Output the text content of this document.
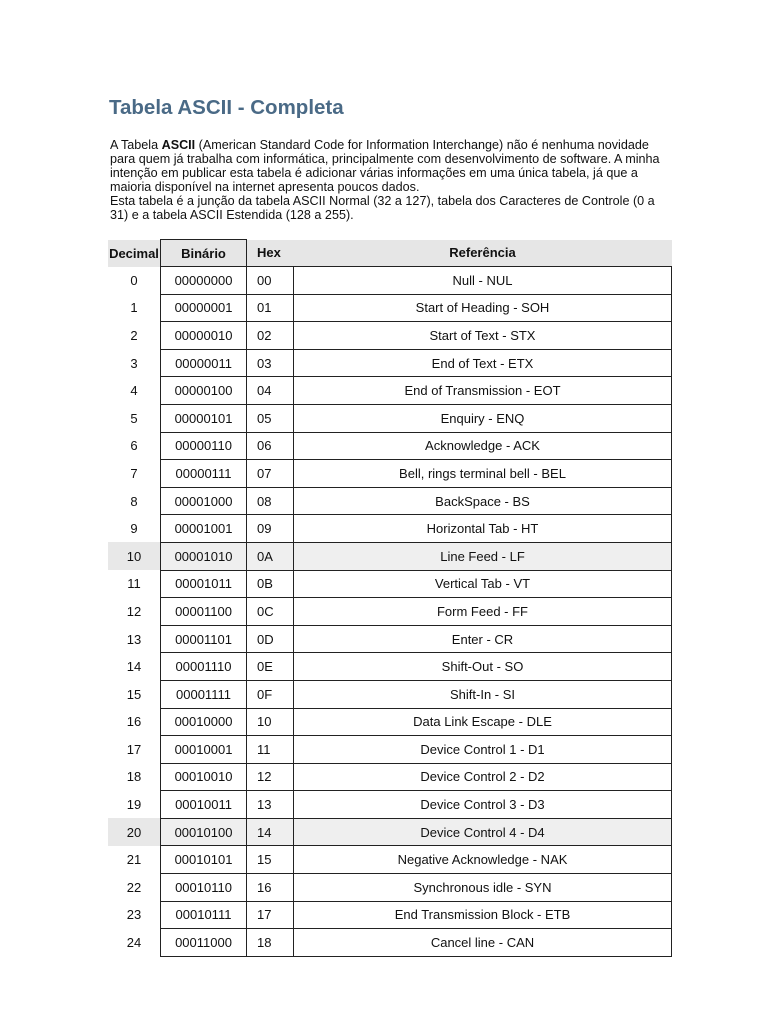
Tabela ASCII - Completa

A Tabela ASCII (American Standard Code for Information Interchange) não é nenhuma novidade para quem já trabalha com informática, principalmente com desenvolvimento de software. A minha intenção em publicar esta tabela é adicionar várias informações em uma única tabela, já que a maioria disponível na internet apresenta poucos dados.

Esta tabela é a junção da tabela ASCII Normal (32 a 127), tabela dos Caracteres de Controle (0 a 31) e a tabela ASCII Estendida (128 a 255).

Decimal	Binário	Hex	Referência
0	00000000	00	Null - NUL
1	00000001	01	Start of Heading - SOH
2	00000010	02	Start of Text - STX
3	00000011	03	End of Text - ETX
4	00000100	04	End of Transmission - EOT
5	00000101	05	Enquiry - ENQ
6	00000110	06	Acknowledge - ACK
7	00000111	07	Bell, rings terminal bell - BEL
8	00001000	08	BackSpace - BS
9	00001001	09	Horizontal Tab - HT
10	00001010	0A	Line Feed - LF
11	00001011	0B	Vertical Tab - VT
12	00001100	0C	Form Feed - FF
13	00001101	0D	Enter - CR
14	00001110	0E	Shift-Out - SO
15	00001111	0F	Shift-In - SI
16	00010000	10	Data Link Escape - DLE
17	00010001	11	Device Control 1 - D1
18	00010010	12	Device Control 2 - D2
19	00010011	13	Device Control 3 - D3
20	00010100	14	Device Control 4 - D4
21	00010101	15	Negative Acknowledge - NAK
22	00010110	16	Synchronous idle - SYN
23	00010111	17	End Transmission Block - ETB
24	00011000	18	Cancel line - CAN
